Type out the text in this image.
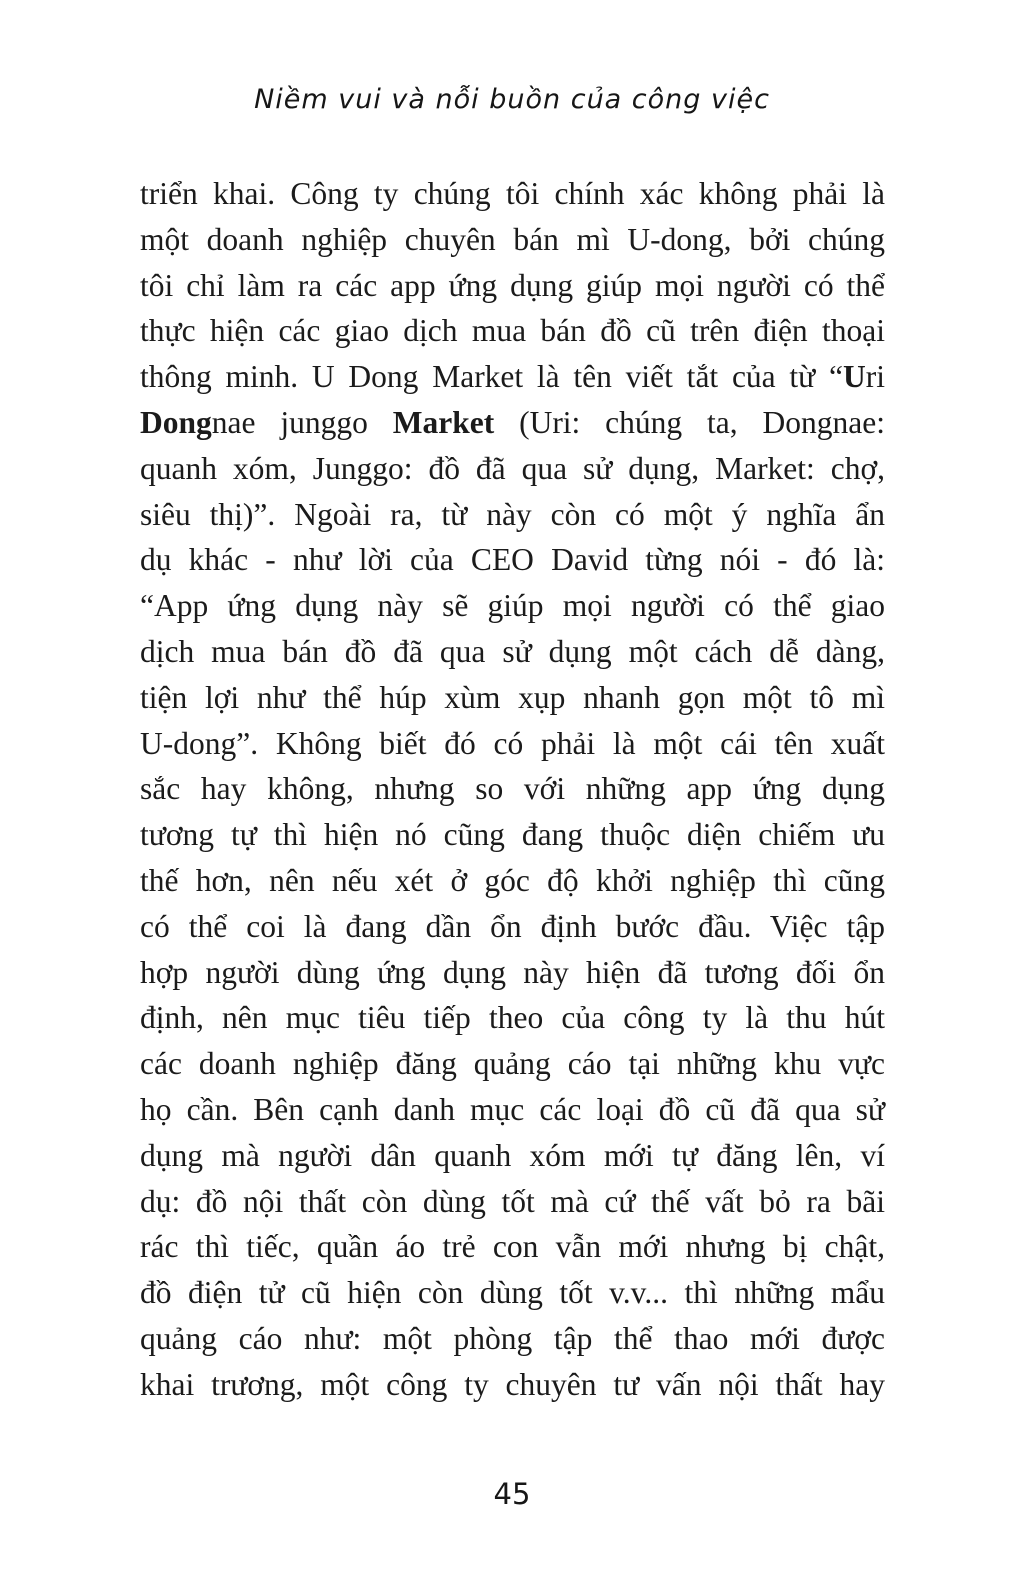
Niềm vui và nỗi buồn của công việc
triển khai. Công ty chúng tôi chính xác không phải là
một doanh nghiệp chuyên bán mì U-dong, bởi chúng
tôi chỉ làm ra các app ứng dụng giúp mọi người có thể
thực hiện các giao dịch mua bán đồ cũ trên điện thoại
thông minh. U Dong Market là tên viết tắt của từ “Uri
Dongnae junggo Market (Uri: chúng ta, Dongnae:
quanh xóm, Junggo: đồ đã qua sử dụng, Market: chợ,
siêu thị)”. Ngoài ra, từ này còn có một ý nghĩa ẩn
dụ khác - như lời của CEO David từng nói - đó là:
“App ứng dụng này sẽ giúp mọi người có thể giao
dịch mua bán đồ đã qua sử dụng một cách dễ dàng,
tiện lợi như thể húp xùm xụp nhanh gọn một tô mì
U-dong”. Không biết đó có phải là một cái tên xuất
sắc hay không, nhưng so với những app ứng dụng
tương tự thì hiện nó cũng đang thuộc diện chiếm ưu
thế hơn, nên nếu xét ở góc độ khởi nghiệp thì cũng
có thể coi là đang dần ổn định bước đầu. Việc tập
hợp người dùng ứng dụng này hiện đã tương đối ổn
định, nên mục tiêu tiếp theo của công ty là thu hút
các doanh nghiệp đăng quảng cáo tại những khu vực
họ cần. Bên cạnh danh mục các loại đồ cũ đã qua sử
dụng mà người dân quanh xóm mới tự đăng lên, ví
dụ: đồ nội thất còn dùng tốt mà cứ thế vất bỏ ra bãi
rác thì tiếc, quần áo trẻ con vẫn mới nhưng bị chật,
đồ điện tử cũ hiện còn dùng tốt v.v... thì những mẩu
quảng cáo như: một phòng tập thể thao mới được
khai trương, một công ty chuyên tư vấn nội thất hay
45
